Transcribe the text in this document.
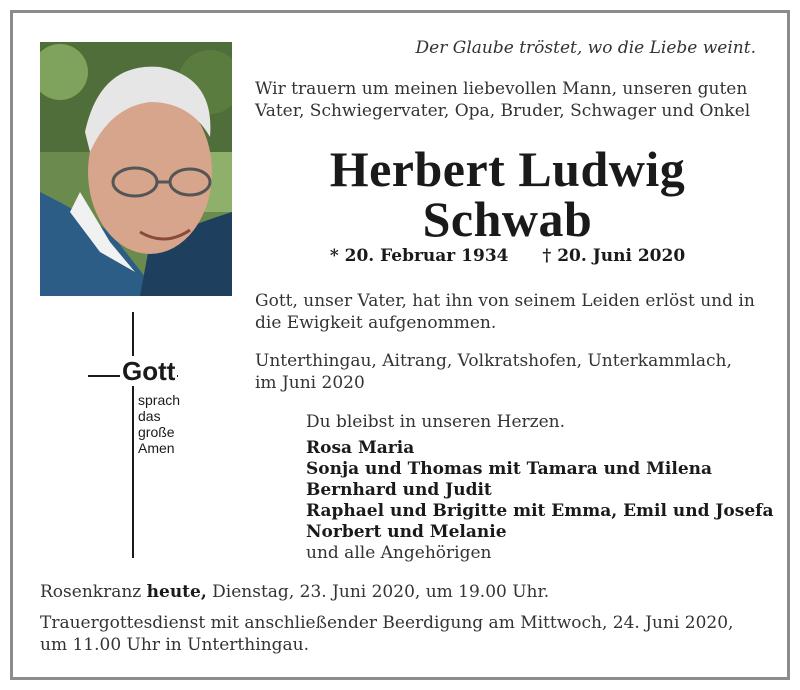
Der Glaube tröstet, wo die Liebe weint.
Wir trauern um meinen liebevollen Mann, unseren guten
Vater, Schwiegervater, Opa, Bruder, Schwager und Onkel
Herbert Ludwig
Schwab
* 20. Februar 1934 † 20. Juni 2020
Gott, unser Vater, hat ihn von seinem Leiden erlöst und in
die Ewigkeit aufgenommen.
Unterthingau, Aitrang, Volkratshofen, Unterkammlach,
im Juni 2020
Gott
sprach
das
große
Amen
Du bleibst in unseren Herzen.
Rosa Maria
Sonja und Thomas mit Tamara und Milena
Bernhard und Judit
Raphael und Brigitte mit Emma, Emil und Josefa
Norbert und Melanie
und alle Angehörigen
Rosenkranz heute, Dienstag, 23. Juni 2020, um 19.00 Uhr.
Trauergottesdienst mit anschließender Beerdigung am Mittwoch, 24. Juni 2020,
um 11.00 Uhr in Unterthingau.
